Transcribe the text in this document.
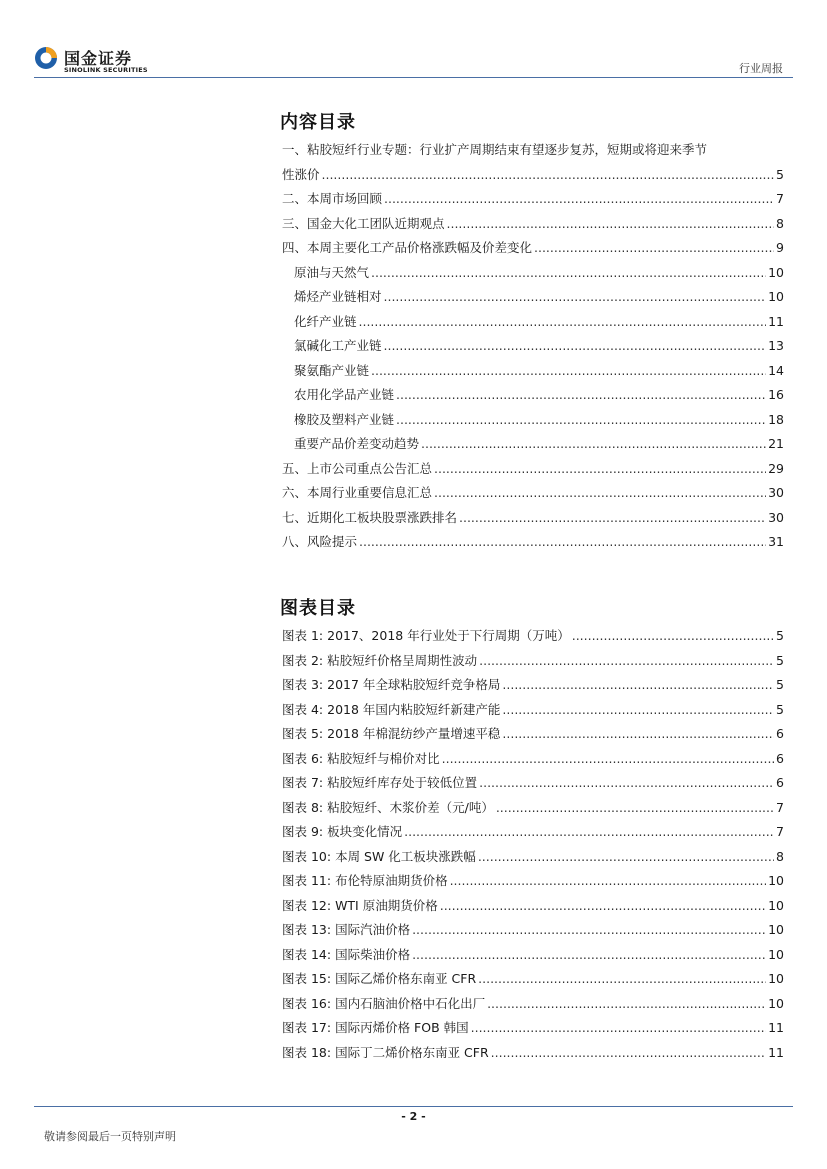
国金证券
SINOLINK SECURITIES	行业周报
内容目录
一、粘胶短纤行业专题：行业扩产周期结束有望逐步复苏，短期或将迎来季节
性涨价 .....	5
二、本周市场回顾 .....	7
三、国金大化工团队近期观点 .....	8
四、本周主要化工产品价格涨跌幅及价差变化 .....	9
原油与天然气 .....	10
烯烃产业链相对 .....	10
化纤产业链 .....	11
氯碱化工产业链 .....	13
聚氨酯产业链 .....	14
农用化学品产业链 .....	16
橡胶及塑料产业链 .....	18
重要产品价差变动趋势 .....	21
五、上市公司重点公告汇总 .....	29
六、本周行业重要信息汇总 .....	30
七、近期化工板块股票涨跌排名 .....	30
八、风险提示 .....	31
图表目录
图表 1: 2017、2018 年行业处于下行周期（万吨） .....	5
图表 2: 粘胶短纤价格呈周期性波动 .....	5
图表 3: 2017 年全球粘胶短纤竞争格局 .....	5
图表 4: 2018 年国内粘胶短纤新建产能 .....	5
图表 5: 2018 年棉混纺纱产量增速平稳 .....	6
图表 6: 粘胶短纤与棉价对比 .....	6
图表 7: 粘胶短纤库存处于较低位置 .....	6
图表 8: 粘胶短纤、木浆价差（元/吨） .....	7
图表 9: 板块变化情况 .....	7
图表 10: 本周 SW 化工板块涨跌幅 .....	8
图表 11: 布伦特原油期货价格 .....	10
图表 12: WTI 原油期货价格 .....	10
图表 13: 国际汽油价格 .....	10
图表 14: 国际柴油价格 .....	10
图表 15: 国际乙烯价格东南亚 CFR .....	10
图表 16: 国内石脑油价格中石化出厂 .....	10
图表 17: 国际丙烯价格 FOB 韩国 .....	11
图表 18: 国际丁二烯价格东南亚 CFR .....	11
- 2 -
敬请参阅最后一页特别声明
